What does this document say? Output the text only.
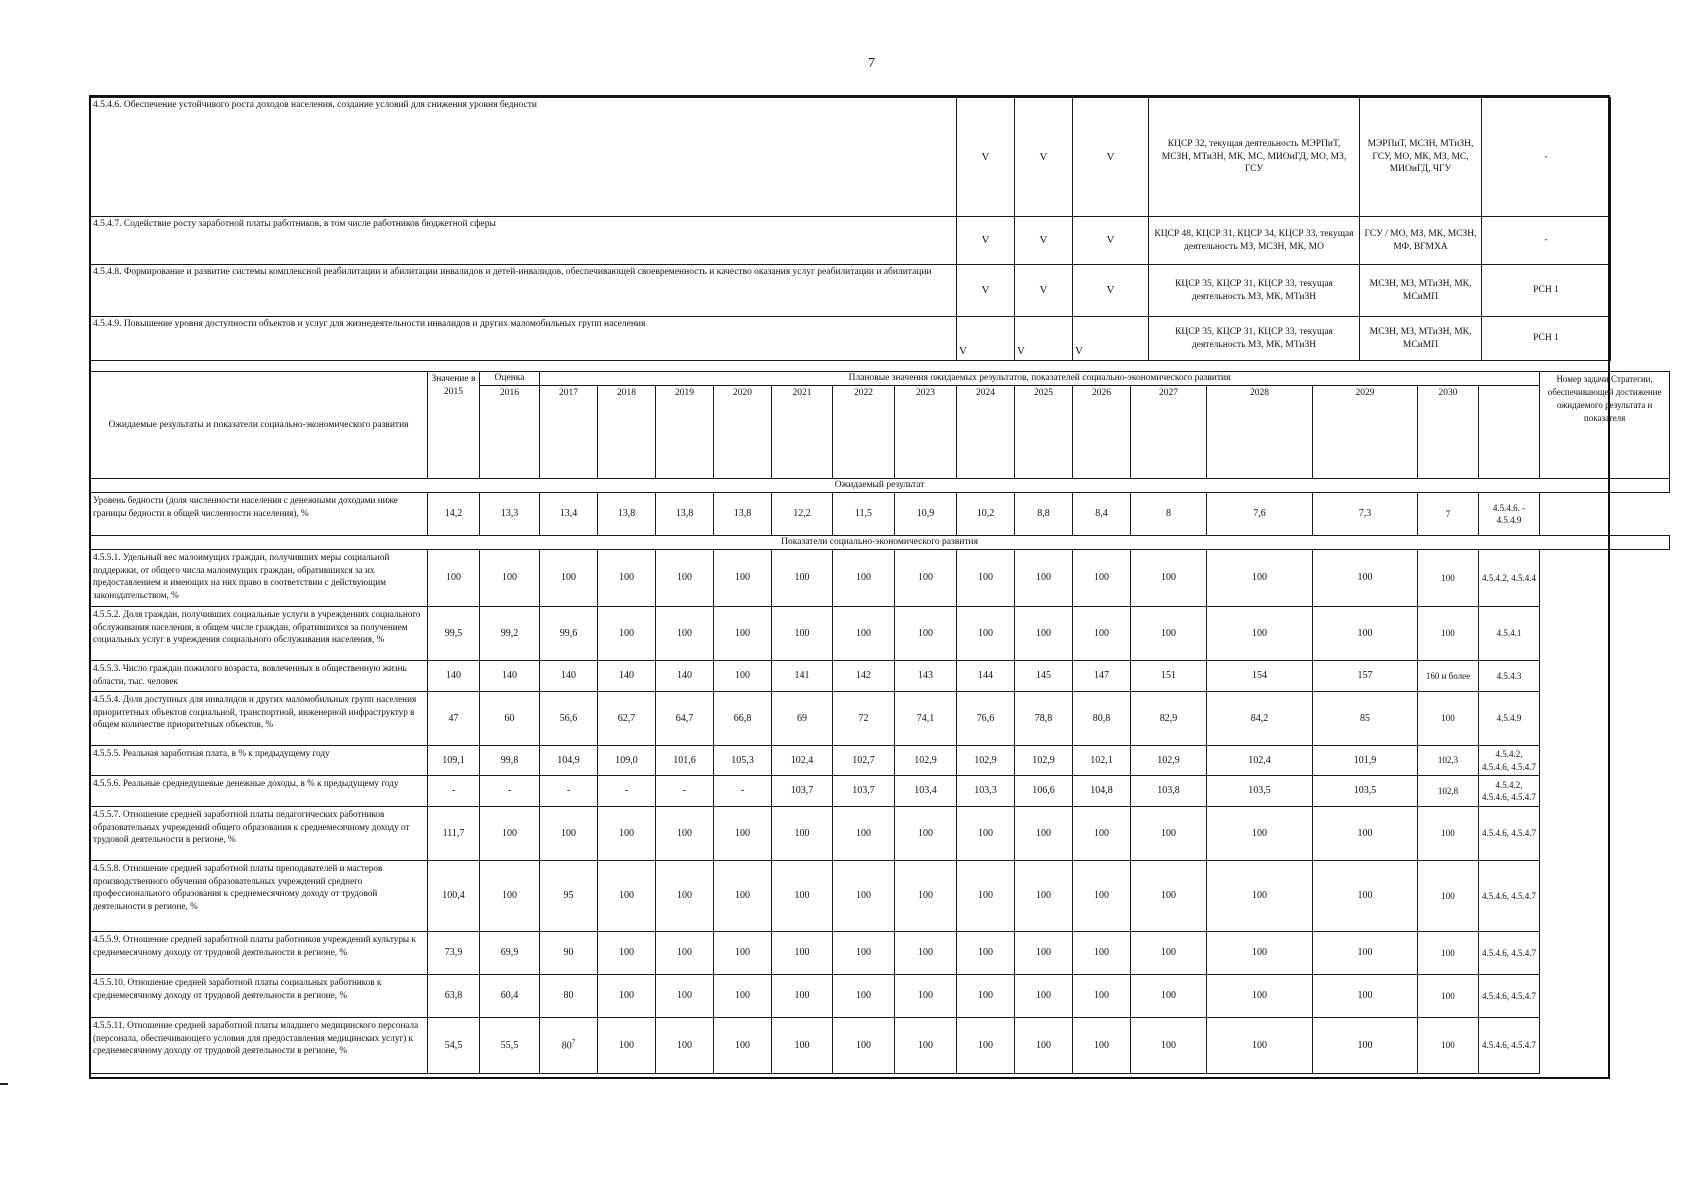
7
4.5.4.6. Обеспечение устойчивого роста доходов населения, создание условий для снижения уровня бедности	V	V	V	КЦСР 32, текущая деятельность МЭРПиТ, МСЗН, МТиЗН, МК, МС, МИОиГД, МО, МЗ, ГСУ	МЭРПиТ, МСЗН, МТиЗН, ГСУ, МО, МК, МЗ, МС, МИОиГД, ЧГУ	-
4.5.4.7. Содействие росту заработной платы работников, в том числе работников бюджетной сферы	V	V	V	КЦСР 48, КЦСР 31, КЦСР 34, КЦСР 33, текущая деятельность МЗ, МСЗН, МК, МО	ГСУ / МО, МЗ, МК, МСЗН, МФ, ВГМХА	-
4.5.4.8. Формирование и развитие системы комплексной реабилитации и абилитации инвалидов и детей-инвалидов, обеспечивающей своевременность и качество оказания услуг реабилитации и абилитации	V	V	V	КЦСР 35, КЦСР 31, КЦСР 33, текущая деятельность МЗ, МК, МТиЗН	МСЗН, МЗ, МТиЗН, МК, МСиМП	РСН 1
4.5.4.9. Повышение уровня доступности объектов и услуг для жизнедеятельности инвалидов и других маломобильных групп населения	V	V	V	КЦСР 35, КЦСР 31, КЦСР 33, текущая деятельность МЗ, МК, МТиЗН	МСЗН, МЗ, МТиЗН, МК, МСиМП	РСН 1
Ожидаемые результаты и показатели социально-экономического развития	Значение в 2015	Оценка	Плановые значения ожидаемых результатов, показателей социально-экономического развития															Номер задачи Стратегии, обеспечивающей достижение ожидаемого результата и показателя
		2016	2017	2018	2019	2020	2021	2022	2023	2024	2025	2026	2027	2028	2029	2030		
Ожидаемый результат																		
Уровень бедности (доля численности населения с денежными доходами ниже границы бедности в общей численности населения), %	14,2	13,3	13,4	13,8	13,8	13,8	12,2	11,5	10,9	10,2	8,8	8,4	8	7,6	7,3	7	4.5.4.6. - 4.5.4.9	
Показатели социально-экономического развития																		
4.5.5.1. Удельный вес малоимущих граждан, получивших меры социальной поддержки, от общего числа малоимущих граждан, обратившихся за их предоставлением и имеющих на них право в соответствии с действующим законодательством, %	100	100	100	100	100	100	100	100	100	100	100	100	100	100	100	100	4.5.4.2, 4.5.4.4	
4.5.5.2. Доля граждан, получивших социальные услуги в учреждениях социального обслуживания населения, в общем числе граждан, обратившихся за получением социальных услуг в учреждения социального обслуживания населения, %	99,5	99,2	99,6	100	100	100	100	100	100	100	100	100	100	100	100	100	4.5.4.1	
4.5.5.3. Число граждан пожилого возраста, вовлеченных в общественную жизнь области, тыс. человек	140	140	140	140	140	100	141	142	143	144	145	147	151	154	157	160 и более	4.5.4.3	
4.5.5.4. Доля доступных для инвалидов и других маломобильных групп населения приоритетных объектов социальной, транспортной, инженерной инфраструктур в общем количестве приоритетных объектов, %	47	60	56,6	62,7	64,7	66,8	69	72	74,1	76,6	78,8	80,8	82,9	84,2	85	100	4.5.4.9	
4.5.5.5. Реальная заработная плата, в % к предыдущему году	109,1	99,8	104,9	109,0	101,6	105,3	102,4	102,7	102,9	102,9	102,9	102,1	102,9	102,4	101,9	102,3	4.5.4.2, 4.5.4.6, 4.5.4.7	
4.5.5.6. Реальные среднедушевые денежные доходы, в % к предыдущему году	-	-	-	-	-	-	103,7	103,7	103,4	103,3	106,6	104,8	103,8	103,5	103,5	102,8	4.5.4.2, 4.5.4.6, 4.5.4.7	
4.5.5.7. Отношение средней заработной платы педагогических работников образовательных учреждений общего образования к среднемесячному доходу от трудовой деятельности в регионе, %	111,7	100	100	100	100	100	100	100	100	100	100	100	100	100	100	100	4.5.4.6, 4.5.4.7	
4.5.5.8. Отношение средней заработной платы преподавателей и мастеров производственного обучения образовательных учреждений среднего профессионального образования к среднемесячному доходу от трудовой деятельности в регионе, %	100,4	100	95	100	100	100	100	100	100	100	100	100	100	100	100	100	4.5.4.6, 4.5.4.7	
4.5.5.9. Отношение средней заработной платы работников учреждений культуры к среднемесячному доходу от трудовой деятельности в регионе, %	73,9	69,9	90	100	100	100	100	100	100	100	100	100	100	100	100	100	4.5.4.6, 4.5.4.7	
4.5.5.10. Отношение средней заработной платы социальных работников к среднемесячному доходу от трудовой деятельности в регионе, %	63,8	60,4	80	100	100	100	100	100	100	100	100	100	100	100	100	100	4.5.4.6, 4.5.4.7	
4.5.5.11. Отношение средней заработной платы младшего медицинского персонала (персонала, обеспечивающего условия для предоставления медицинских услуг) к среднемесячному доходу от трудовой деятельности в регионе, %	54,5	55,5	$80^7$	100	100	100	100	100	100	100	100	100	100	100	100	100	4.5.4.6, 4.5.4.7	
